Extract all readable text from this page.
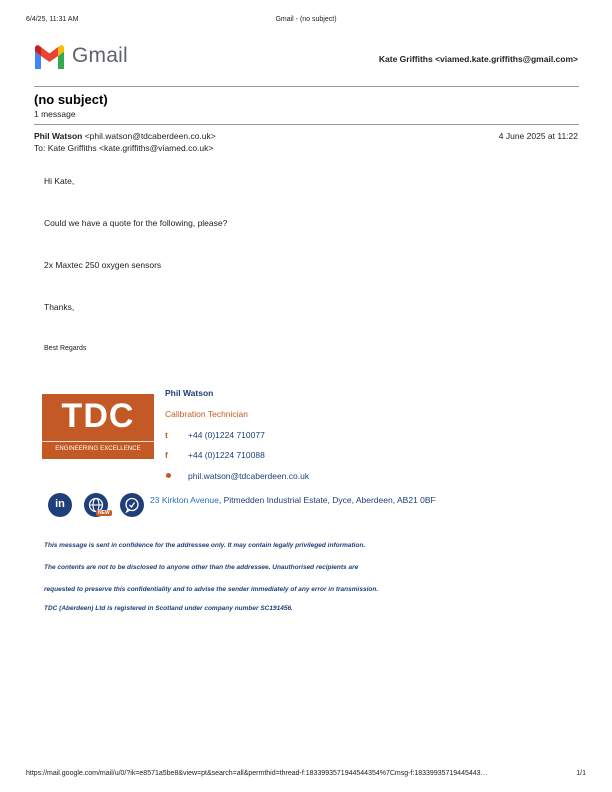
6/4/25, 11:31 AM	Gmail - (no subject)
Gmail	Kate Griffiths <viamed.kate.griffiths@gmail.com>
(no subject)
1 message
Phil Watson <phil.watson@tdcaberdeen.co.uk>	4 June 2025 at 11:22
To: Kate Griffiths <kate.griffiths@viamed.co.uk>
Hi Kate,
Could we have a quote for the following, please?
2x Maxtec 250 oxygen sensors
Thanks,
Best Regards
TDC
ENGINEERING EXCELLENCE
Phil Watson
Calibration Technician
t +44 (0)1224 710077
f +44 (0)1224 710088
phil.watson@tdcaberdeen.co.uk
in
NEW
23 Kirkton Avenue, Pitmedden Industrial Estate, Dyce, Aberdeen, AB21 0BF
This message is sent in confidence for the addressee only. It may contain legally privileged information.
The contents are not to be disclosed to anyone other than the addressee. Unauthorised recipients are
requested to preserve this confidentiality and to advise the sender immediately of any error in transmission.
TDC (Aberdeen) Ltd is registered in Scotland under company number SC191456.
https://mail.google.com/mail/u/0/?ik=e8571a5be8&view=pt&search=all&permthid=thread-f:1833993571944544354%7Cmsg-f:18339935719445443…	1/1
